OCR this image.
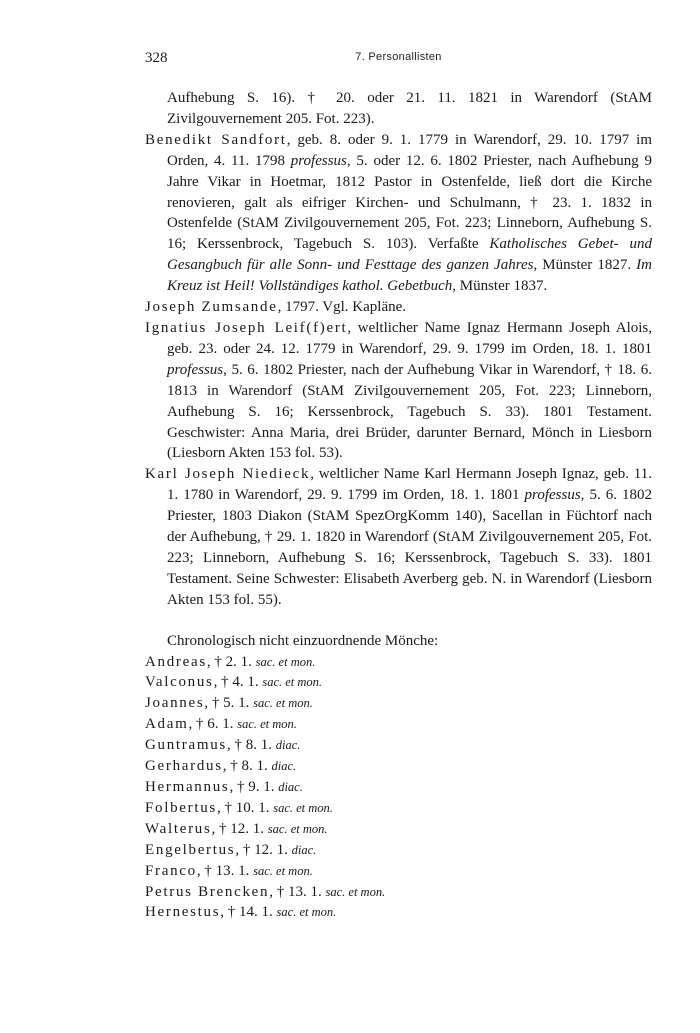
328	7. Personallisten

Aufhebung S. 16). † 20. oder 21. 11. 1821 in Warendorf (StAM Zivilgouvernement 205. Fot. 223).

Benedikt Sandfort, geb. 8. oder 9. 1. 1779 in Warendorf, 29. 10. 1797 im Orden, 4. 11. 1798 professus, 5. oder 12. 6. 1802 Priester, nach Aufhebung 9 Jahre Vikar in Hoetmar, 1812 Pastor in Ostenfelde, ließ dort die Kirche renovieren, galt als eifriger Kirchen- und Schulmann, † 23. 1. 1832 in Ostenfelde (StAM Zivilgouvernement 205, Fot. 223; Linneborn, Aufhebung S. 16; Kerssenbrock, Tagebuch S. 103). Verfaßte Katholisches Gebet- und Gesangbuch für alle Sonn- und Festtage des ganzen Jahres, Münster 1827. Im Kreuz ist Heil! Vollständiges kathol. Gebetbuch, Münster 1837.

Joseph Zumsande, 1797. Vgl. Kapläne.

Ignatius Joseph Leif(f)ert, weltlicher Name Ignaz Hermann Joseph Alois, geb. 23. oder 24. 12. 1779 in Warendorf, 29. 9. 1799 im Orden, 18. 1. 1801 professus, 5. 6. 1802 Priester, nach der Aufhebung Vikar in Warendorf, † 18. 6. 1813 in Warendorf (StAM Zivilgouvernement 205, Fot. 223; Linneborn, Aufhebung S. 16; Kerssenbrock, Tagebuch S. 33). 1801 Testament. Geschwister: Anna Maria, drei Brüder, darunter Bernard, Mönch in Liesborn (Liesborn Akten 153 fol. 53).

Karl Joseph Niedieck, weltlicher Name Karl Hermann Joseph Ignaz, geb. 11. 1. 1780 in Warendorf, 29. 9. 1799 im Orden, 18. 1. 1801 professus, 5. 6. 1802 Priester, 1803 Diakon (StAM SpezOrgKomm 140), Sacellan in Füchtorf nach der Aufhebung, † 29. 1. 1820 in Warendorf (StAM Zivilgouvernement 205, Fot. 223; Linneborn, Aufhebung S. 16; Kerssenbrock, Tagebuch S. 33). 1801 Testament. Seine Schwester: Elisabeth Averberg geb. N. in Warendorf (Liesborn Akten 153 fol. 55).

Chronologisch nicht einzuordnende Mönche:

Andreas, † 2. 1. sac. et mon.

Valconus, † 4. 1. sac. et mon.

Joannes, † 5. 1. sac. et mon.

Adam, † 6. 1. sac. et mon.

Guntramus, † 8. 1. diac.

Gerhardus, † 8. 1. diac.

Hermannus, † 9. 1. diac.

Folbertus, † 10. 1. sac. et mon.

Walterus, † 12. 1. sac. et mon.

Engelbertus, † 12. 1. diac.

Franco, † 13. 1. sac. et mon.

Petrus Brencken, † 13. 1. sac. et mon.

Hernestus, † 14. 1. sac. et mon.
